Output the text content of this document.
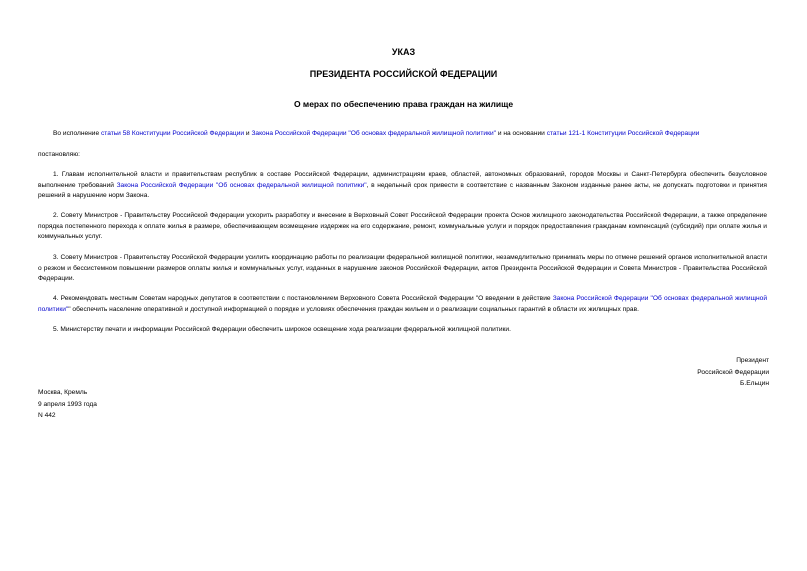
УКАЗ
ПРЕЗИДЕНТА РОССИЙСКОЙ ФЕДЕРАЦИИ
О мерах по обеспечению права граждан на жилище
Во исполнение статьи 58 Конституции Российской Федерации и Закона Российской Федерации "Об основах федеральной жилищной политики" и на основании статьи 121-1 Конституции Российской Федерации
постановляю:
1. Главам исполнительной власти и правительствам республик в составе Российской Федерации, администрациям краев, областей, автономных образований, городов Москвы и Санкт-Петербурга обеспечить безусловное выполнение требований Закона Российской Федерации "Об основах федеральной жилищной политики", в недельный срок привести в соответствие с названным Законом изданные ранее акты, не допускать подготовки и принятия решений в нарушение норм Закона.
2. Совету Министров - Правительству Российской Федерации ускорить разработку и внесение в Верховный Совет Российской Федерации проекта Основ жилищного законодательства Российской Федерации, а также определение порядка постепенного перехода к оплате жилья в размере, обеспечивающем возмещение издержек на его содержание, ремонт, коммунальные услуги и порядок предоставления гражданам компенсаций (субсидий) при оплате жилья и коммунальных услуг.
3. Совету Министров - Правительству Российской Федерации усилить координацию работы по реализации федеральной жилищной политики, незамедлительно принимать меры по отмене решений органов исполнительной власти о резком и бессистемном повышении размеров оплаты жилья и коммунальных услуг, изданных в нарушение законов Российской Федерации, актов Президента Российской Федерации и Совета Министров - Правительства Российской Федерации.
4. Рекомендовать местным Советам народных депутатов в соответствии с постановлением Верховного Совета Российской Федерации "О введении в действие Закона Российской Федерации "Об основах федеральной жилищной политики"" обеспечить население оперативной и доступной информацией о порядке и условиях обеспечения граждан жильем и о реализации социальных гарантий в области их жилищных прав.
5. Министерству печати и информации Российской Федерации обеспечить широкое освещение хода реализации федеральной жилищной политики.
Президент
Российской Федерации
Б.Ельцин
Москва, Кремль
9 апреля 1993 года
N 442
